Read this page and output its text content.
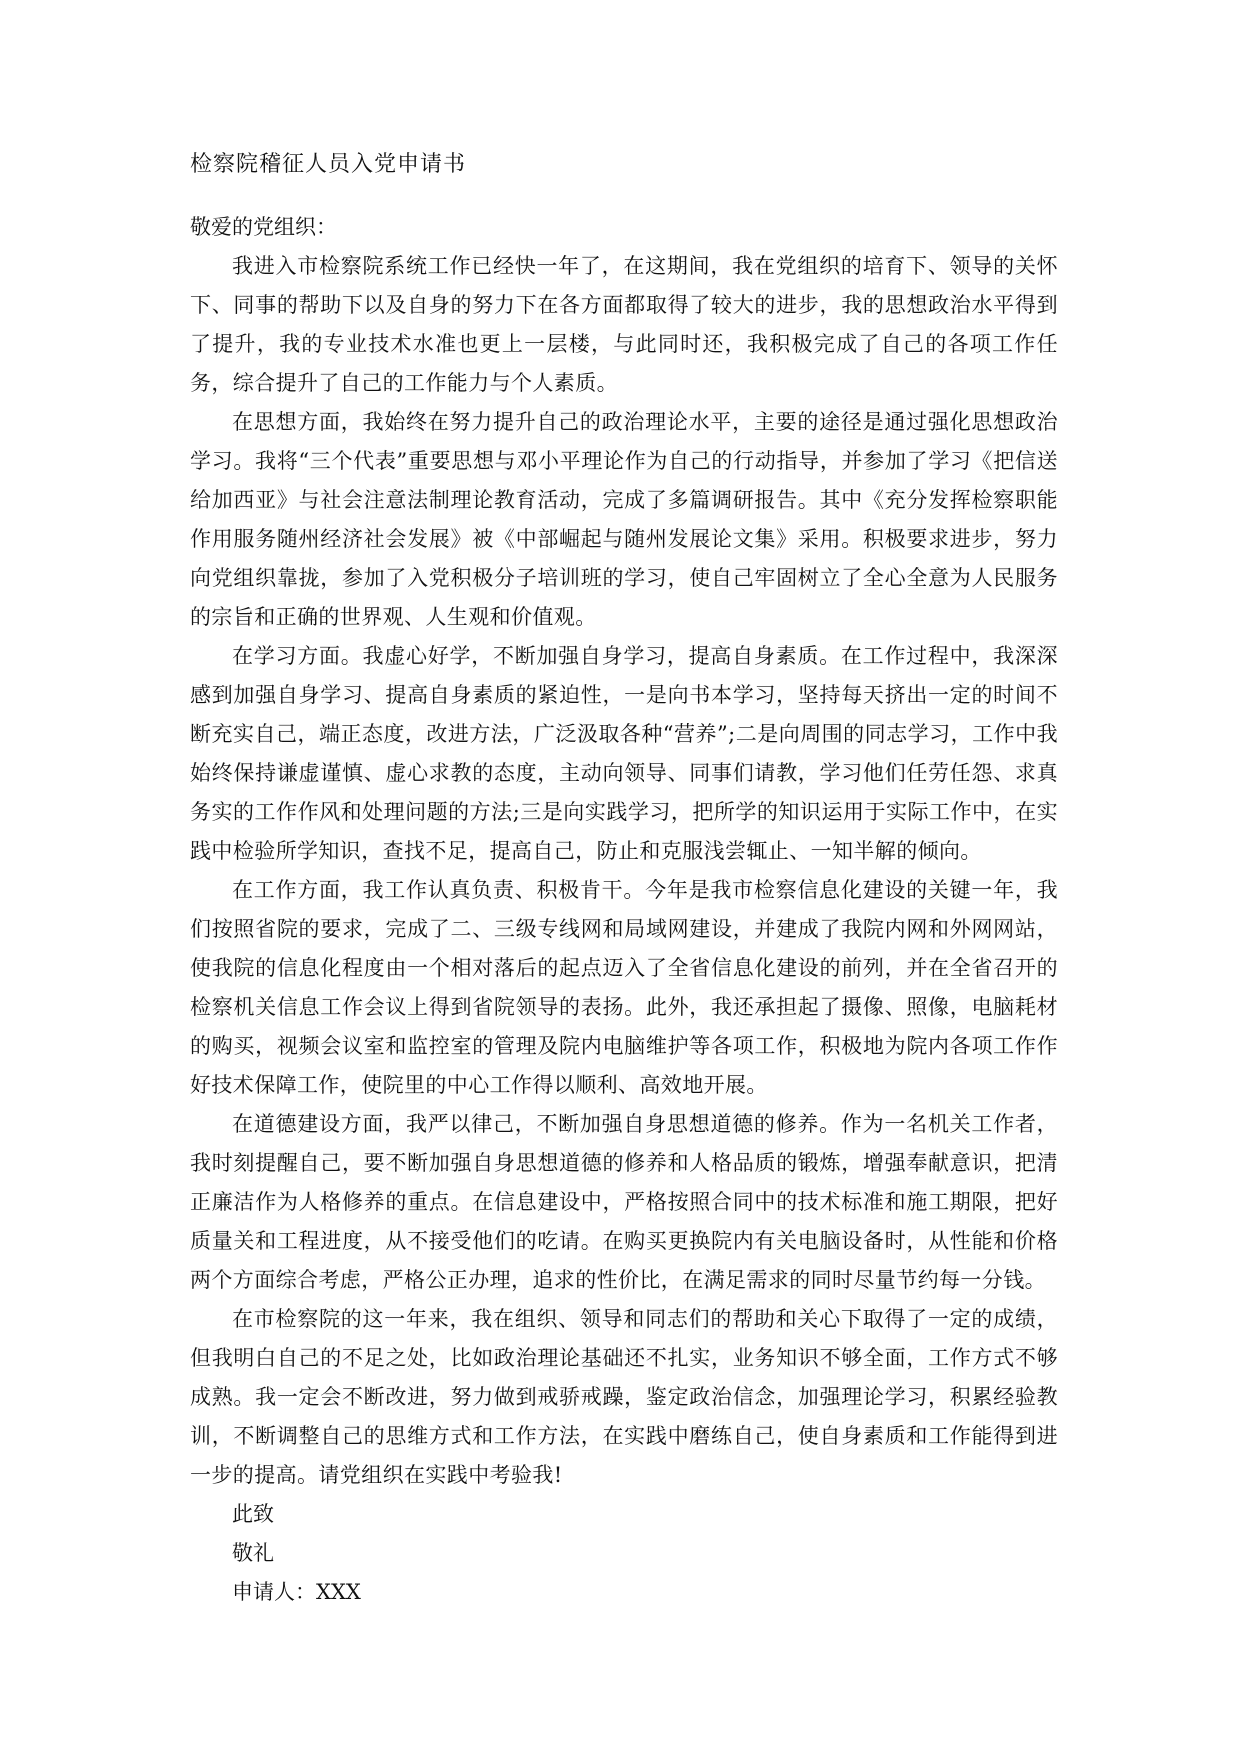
检察院稽征人员入党申请书

敬爱的党组织：

我进入市检察院系统工作已经快一年了，在这期间，我在党组织的培育下、领导的关怀下、同事的帮助下以及自身的努力下在各方面都取得了较大的进步，我的思想政治水平得到了提升，我的专业技术水准也更上一层楼，与此同时还，我积极完成了自己的各项工作任务，综合提升了自己的工作能力与个人素质。

在思想方面，我始终在努力提升自己的政治理论水平，主要的途径是通过强化思想政治学习。我将“三个代表”重要思想与邓小平理论作为自己的行动指导，并参加了学习《把信送给加西亚》与社会注意法制理论教育活动，完成了多篇调研报告。其中《充分发挥检察职能作用服务随州经济社会发展》被《中部崛起与随州发展论文集》采用。积极要求进步，努力向党组织靠拢，参加了入党积极分子培训班的学习，使自己牢固树立了全心全意为人民服务的宗旨和正确的世界观、人生观和价值观。

在学习方面。我虚心好学，不断加强自身学习，提高自身素质。在工作过程中，我深深感到加强自身学习、提高自身素质的紧迫性，一是向书本学习，坚持每天挤出一定的时间不断充实自己，端正态度，改进方法，广泛汲取各种“营养”;二是向周围的同志学习，工作中我始终保持谦虚谨慎、虚心求教的态度，主动向领导、同事们请教，学习他们任劳任怨、求真务实的工作作风和处理问题的方法;三是向实践学习，把所学的知识运用于实际工作中，在实践中检验所学知识，查找不足，提高自己，防止和克服浅尝辄止、一知半解的倾向。

在工作方面，我工作认真负责、积极肯干。今年是我市检察信息化建设的关键一年，我们按照省院的要求，完成了二、三级专线网和局域网建设，并建成了我院内网和外网网站，使我院的信息化程度由一个相对落后的起点迈入了全省信息化建设的前列，并在全省召开的检察机关信息工作会议上得到省院领导的表扬。此外，我还承担起了摄像、照像，电脑耗材的购买，视频会议室和监控室的管理及院内电脑维护等各项工作，积极地为院内各项工作作好技术保障工作，使院里的中心工作得以顺利、高效地开展。

在道德建设方面，我严以律己，不断加强自身思想道德的修养。作为一名机关工作者，我时刻提醒自己，要不断加强自身思想道德的修养和人格品质的锻炼，增强奉献意识，把清正廉洁作为人格修养的重点。在信息建设中，严格按照合同中的技术标准和施工期限，把好质量关和工程进度，从不接受他们的吃请。在购买更换院内有关电脑设备时，从性能和价格两个方面综合考虑，严格公正办理，追求的性价比，在满足需求的同时尽量节约每一分钱。

在市检察院的这一年来，我在组织、领导和同志们的帮助和关心下取得了一定的成绩，但我明白自己的不足之处，比如政治理论基础还不扎实，业务知识不够全面，工作方式不够成熟。我一定会不断改进，努力做到戒骄戒躁，鉴定政治信念，加强理论学习，积累经验教训，不断调整自己的思维方式和工作方法，在实践中磨练自己，使自身素质和工作能得到进一步的提高。请党组织在实践中考验我!

此致

敬礼

申请人：XXX
